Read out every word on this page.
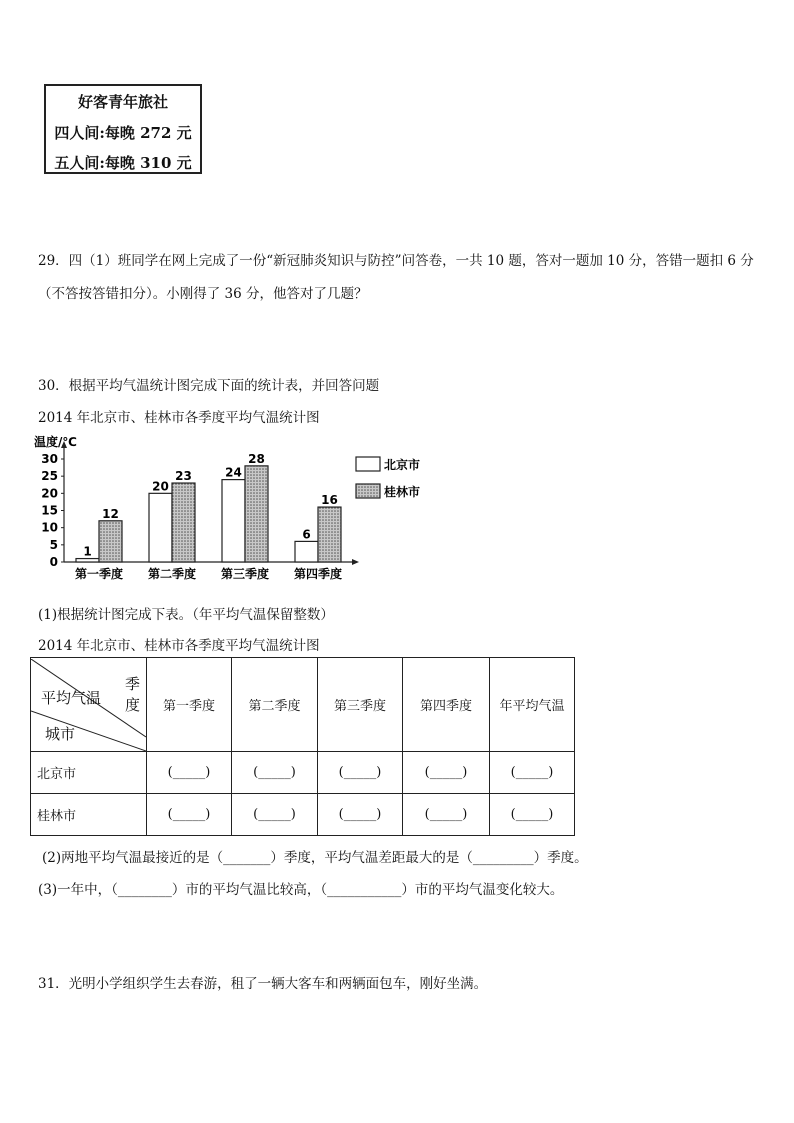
好客青年旅社
四人间:每晚 272 元
五人间:每晚 310 元
29．四（1）班同学在网上完成了一份“新冠肺炎知识与防控”问答卷，一共 10 题，答对一题加 10 分，答错一题扣 6 分
（不答按答错扣分）。小刚得了 36 分，他答对了几题？
30．根据平均气温统计图完成下面的统计表，并回答问题
2014 年北京市、桂林市各季度平均气温统计图
温度/℃
0
5
10
15
20
25
30
1
12
第一季度
20
23
第二季度
24
28
第三季度
6
16
第四季度
北京市
桂林市
(1)根据统计图完成下表。（年平均气温保留整数）
2014 年北京市、桂林市各季度平均气温统计图
季度
平均气温
城市	第一季度	第二季度	第三季度	第四季度	年平均气温
北京市	(_____)	(_____)	(_____)	(_____)	(_____)
桂林市	(_____)	(_____)	(_____)	(_____)	(_____)
(2)两地平均气温最接近的是（_______）季度，平均气温差距最大的是（_________）季度。
(3)一年中，（________）市的平均气温比较高，（___________）市的平均气温变化较大。
31．光明小学组织学生去春游，租了一辆大客车和两辆面包车，刚好坐满。
